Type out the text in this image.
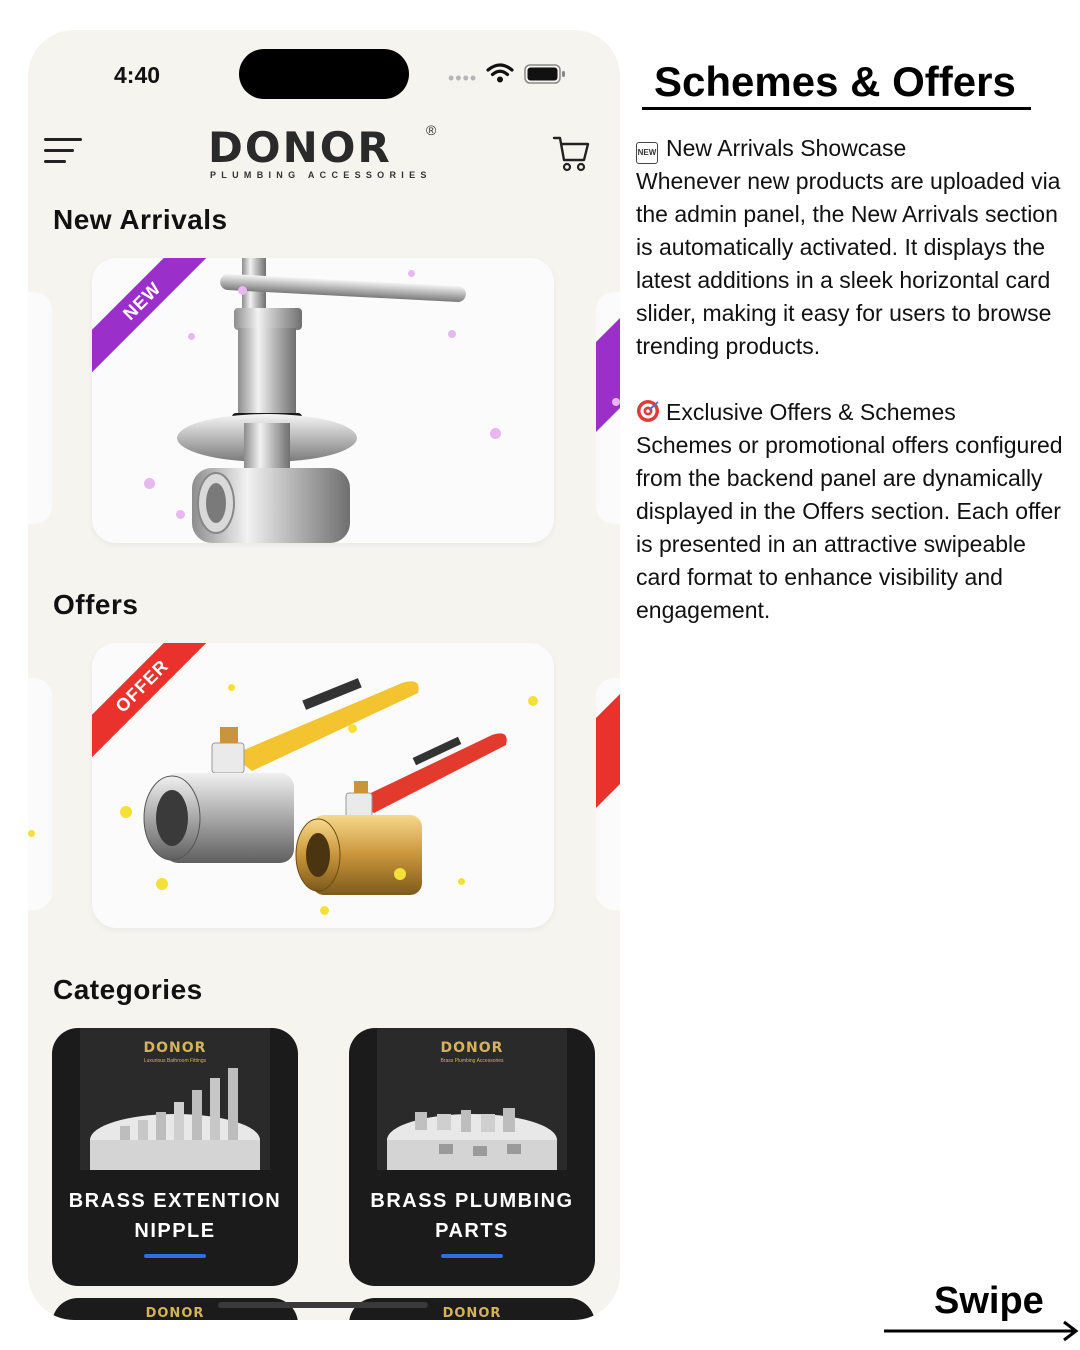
4:40	••••
DONOR	®
PLUMBING ACCESSORIES
New Arrivals
NEW
Offers
OFFER
Categories
DONOR
Luxurious Bathroom Fittings
BRASS EXTENTION
NIPPLE
DONOR
Brass Plumbing Accessories
BRASS PLUMBING
PARTS
DONOR	DONOR
Schemes & Offers
NEW New Arrivals Showcase
Whenever new products are uploaded via the admin panel, the New Arrivals section is automatically activated. It displays the latest additions in a sleek horizontal card slider, making it easy for users to browse trending products.
Exclusive Offers & Schemes
Schemes or promotional offers configured from the backend panel are dynamically displayed in the Offers section. Each offer is presented in an attractive swipeable card format to enhance visibility and engagement.
Swipe
